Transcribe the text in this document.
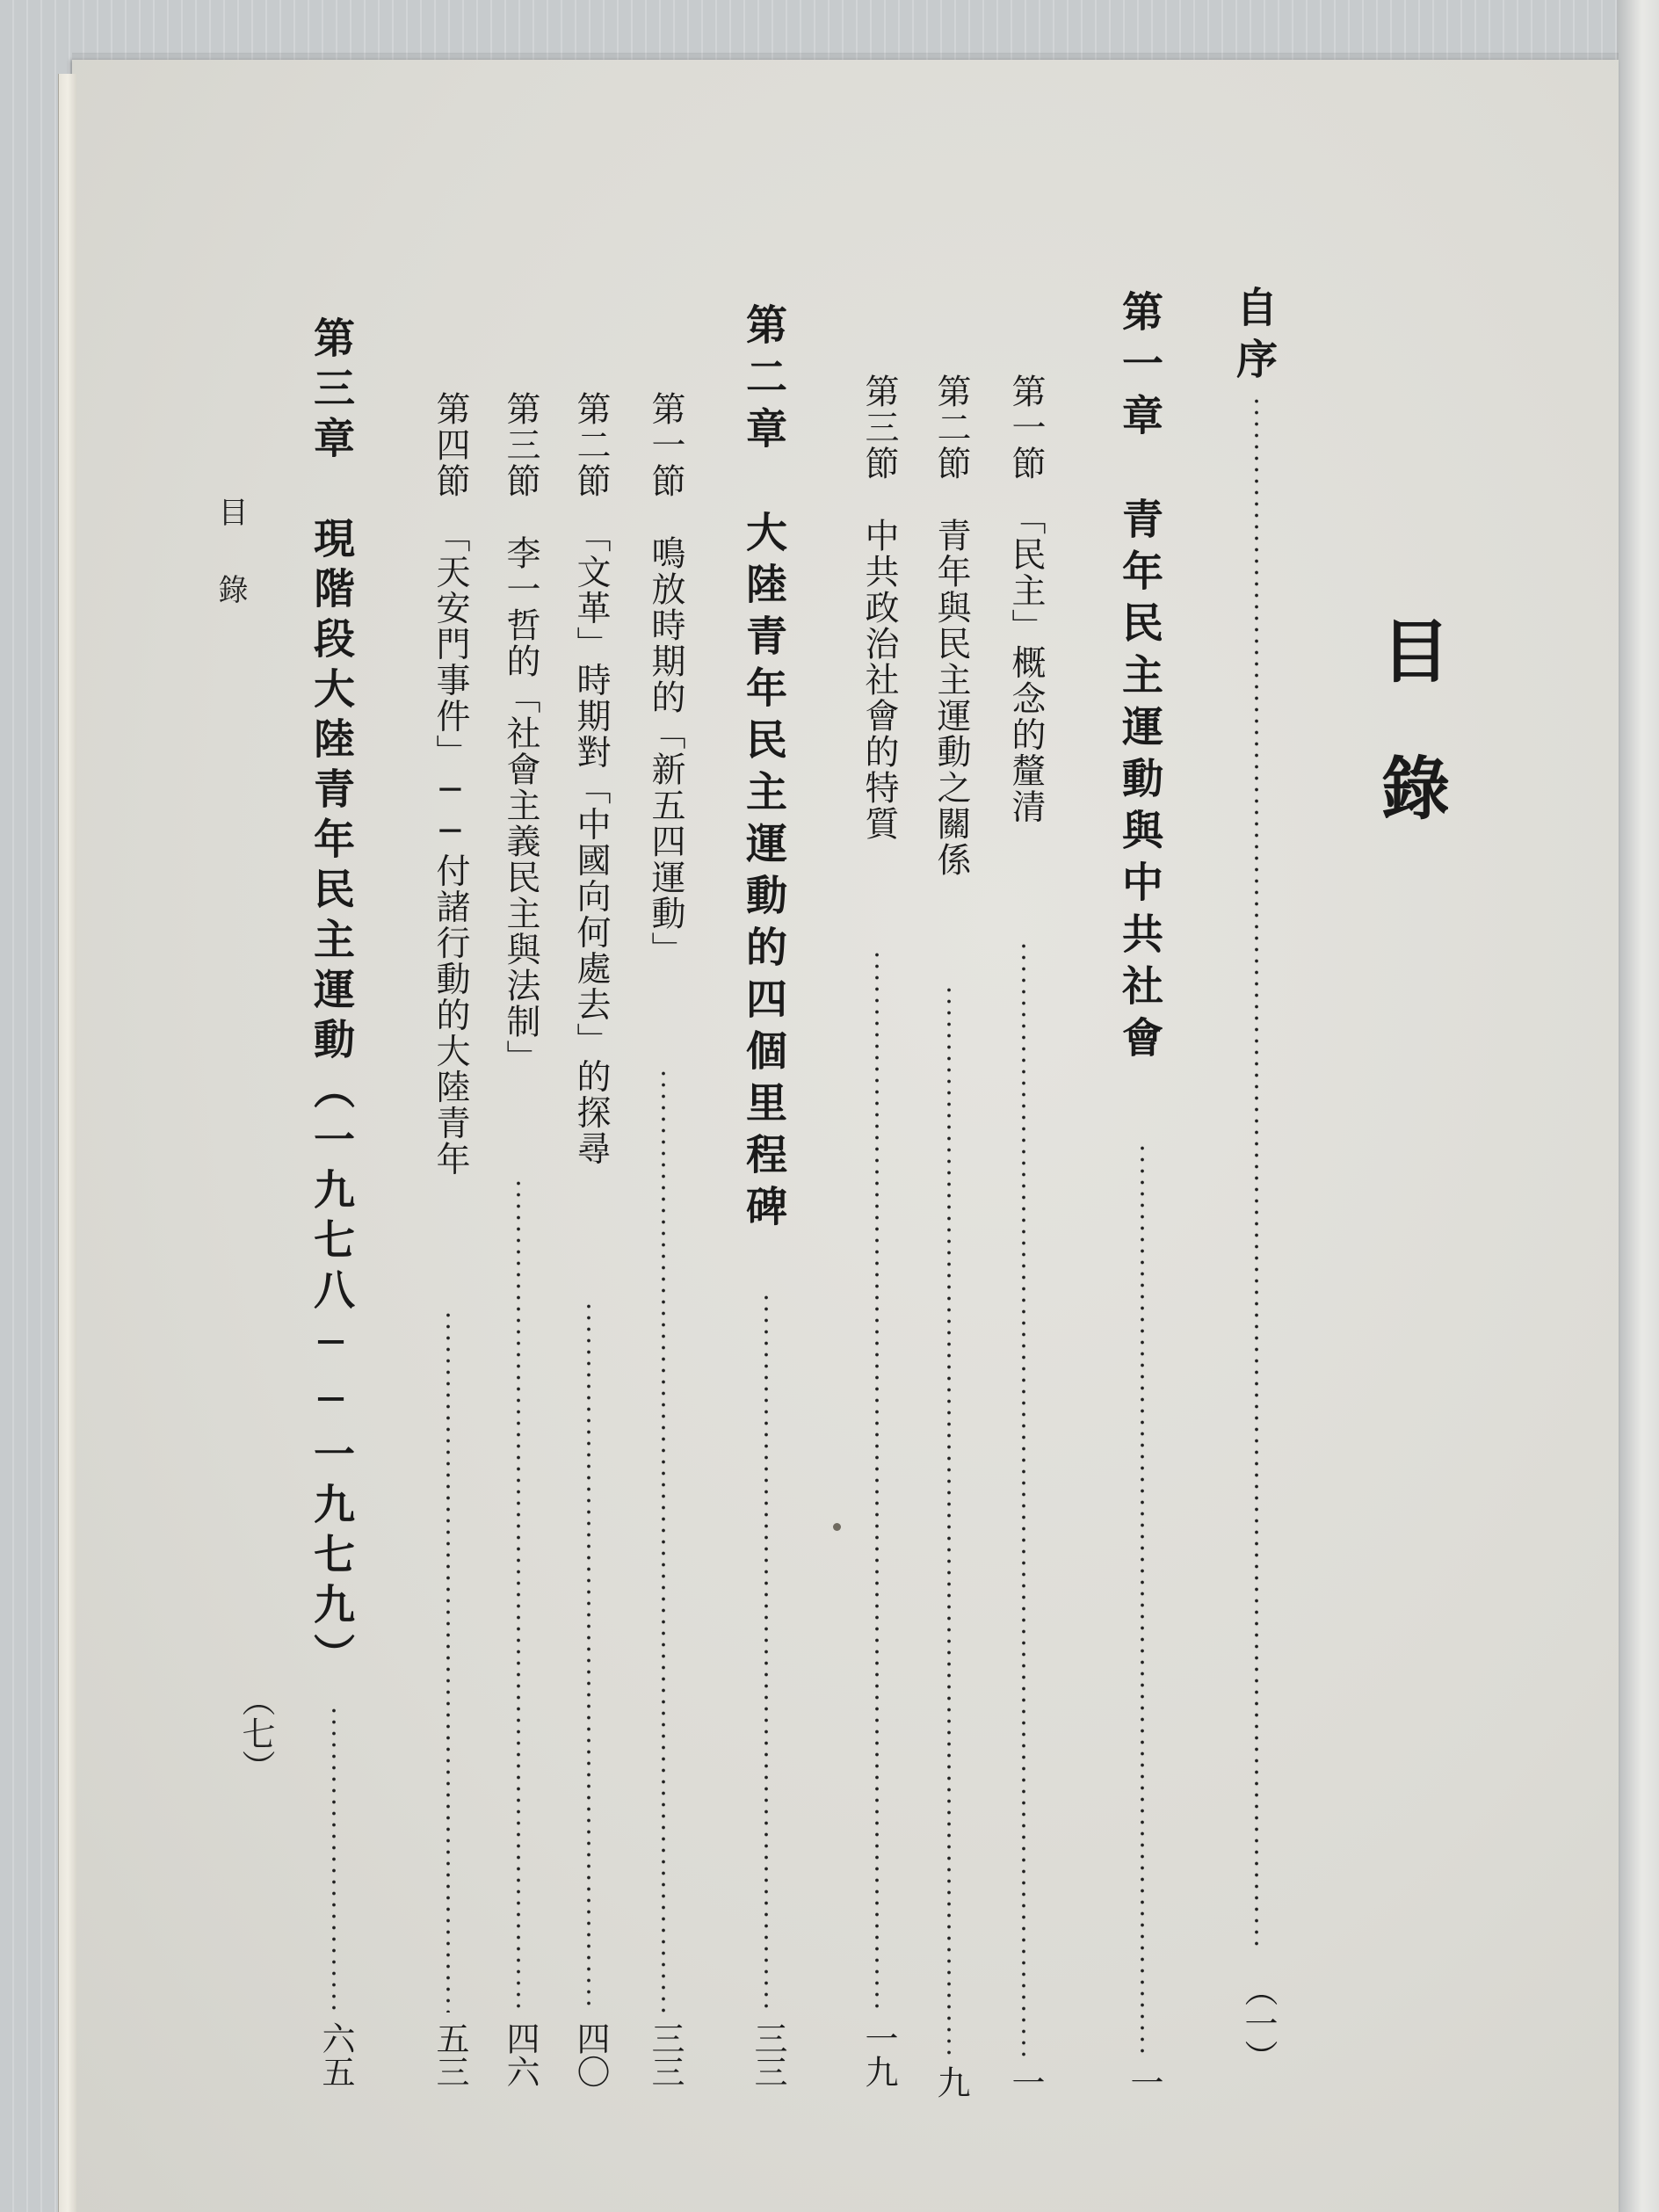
目　錄
自序
（一）
第一章　青年民主運動與中共社會
一
第一節　「民主」概念的釐清
一
第二節　青年與民主運動之關係
九
第三節　中共政治社會的特質
一九
第二章　大陸青年民主運動的四個里程碑
三三
第一節　鳴放時期的「新五四運動」
三三
第二節　「文革」時期對「中國向何處去」的探尋
四〇
第三節　李一哲的「社會主義民主與法制」
四六
第四節　「天安門事件」──付諸行動的大陸青年
五三
第三章　現階段大陸青年民主運動（一九七八──一九七九）
六五
目　錄
（七）
